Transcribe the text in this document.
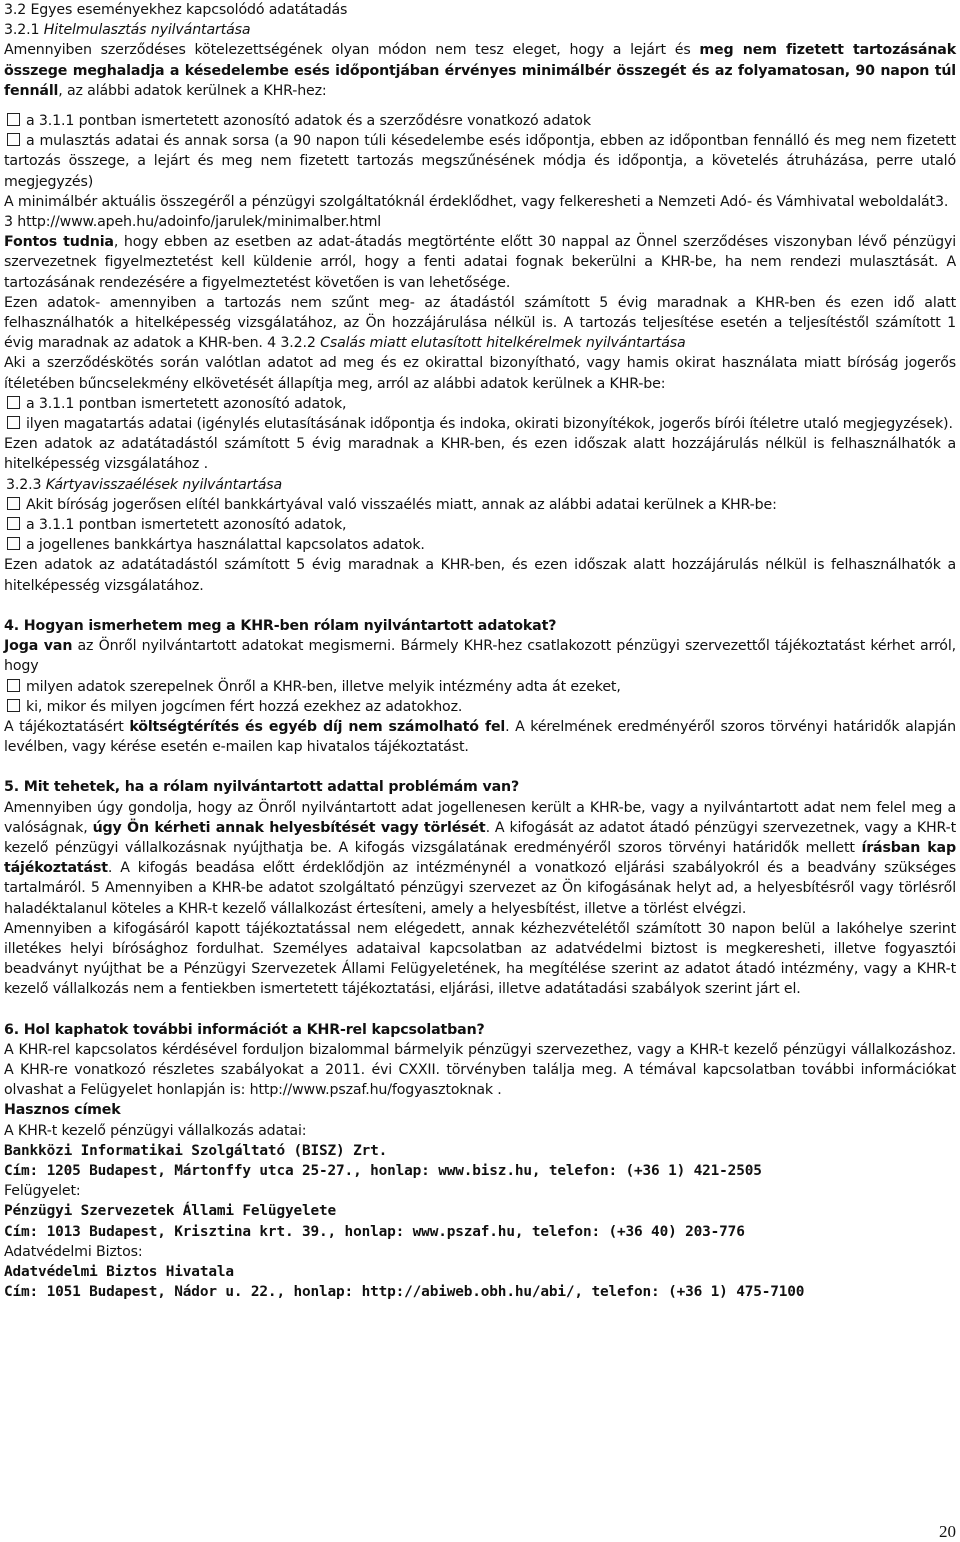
3.2 Egyes eseményekhez kapcsolódó adatátadás

3.2.1 Hitelmulasztás nyilvántartása

Amennyiben szerződéses kötelezettségének olyan módon nem tesz eleget, hogy a lejárt és meg nem fizetett tartozásának összege meghaladja a késedelembe esés időpontjában érvényes minimálbér összegét és az folyamatosan, 90 napon túl fennáll, az alábbi adatok kerülnek a KHR-hez:

a 3.1.1 pontban ismertetett azonosító adatok és a szerződésre vonatkozó adatok

a mulasztás adatai és annak sorsa (a 90 napon túli késedelembe esés időpontja, ebben az időpontban fennálló és meg nem fizetett tartozás összege, a lejárt és meg nem fizetett tartozás megszűnésének módja és időpontja, a követelés átruházása, perre utaló megjegyzés)

A minimálbér aktuális összegéről a pénzügyi szolgáltatóknál érdeklődhet, vagy felkeresheti a Nemzeti Adó- és Vámhivatal weboldalát3.

3 http://www.apeh.hu/adoinfo/jarulek/minimalber.html

Fontos tudnia, hogy ebben az esetben az adat-átadás megtörténte előtt 30 nappal az Önnel szerződéses viszonyban lévő pénzügyi szervezetnek figyelmeztetést kell küldenie arról, hogy a fenti adatai fognak bekerülni a KHR-be, ha nem rendezi mulasztását. A tartozásának rendezésére a figyelmeztetést követően is van lehetősége.

Ezen adatok- amennyiben a tartozás nem szűnt meg- az átadástól számított 5 évig maradnak a KHR-ben és ezen idő alatt felhasználhatók a hitelképesség vizsgálatához, az Ön hozzájárulása nélkül is. A tartozás teljesítése esetén a teljesítéstől számított 1 évig maradnak az adatok a KHR-ben. 4 3.2.2 Csalás miatt elutasított hitelkérelmek nyilvántartása

Aki a szerződéskötés során valótlan adatot ad meg és ez okirattal bizonyítható, vagy hamis okirat használata miatt bíróság jogerős ítéletében bűncselekmény elkövetését állapítja meg, arról az alábbi adatok kerülnek a KHR-be:

a 3.1.1 pontban ismertetett azonosító adatok,

ilyen magatartás adatai (igénylés elutasításának időpontja és indoka, okirati bizonyítékok, jogerős bírói ítéletre utaló megjegyzések).

Ezen adatok az adatátadástól számított 5 évig maradnak a KHR-ben, és ezen időszak alatt hozzájárulás nélkül is felhasználhatók a hitelképesség vizsgálatához .

3.2.3 Kártyavisszaélések nyilvántartása

Akit bíróság jogerősen elítél bankkártyával való visszaélés miatt, annak az alábbi adatai kerülnek a KHR-be:

a 3.1.1 pontban ismertetett azonosító adatok,

a jogellenes bankkártya használattal kapcsolatos adatok.

Ezen adatok az adatátadástól számított 5 évig maradnak a KHR-ben, és ezen időszak alatt hozzájárulás nélkül is felhasználhatók a hitelképesség vizsgálatához.

4. Hogyan ismerhetem meg a KHR-ben rólam nyilvántartott adatokat?

Joga van az Önről nyilvántartott adatokat megismerni. Bármely KHR-hez csatlakozott pénzügyi szervezettől tájékoztatást kérhet arról, hogy

milyen adatok szerepelnek Önről a KHR-ben, illetve melyik intézmény adta át ezeket,

ki, mikor és milyen jogcímen fért hozzá ezekhez az adatokhoz.

A tájékoztatásért költségtérítés és egyéb díj nem számolható fel. A kérelmének eredményéről szoros törvényi határidők alapján levélben, vagy kérése esetén e-mailen kap hivatalos tájékoztatást.

5. Mit tehetek, ha a rólam nyilvántartott adattal problémám van?

Amennyiben úgy gondolja, hogy az Önről nyilvántartott adat jogellenesen került a KHR-be, vagy a nyilvántartott adat nem felel meg a valóságnak, úgy Ön kérheti annak helyesbítését vagy törlését. A kifogását az adatot átadó pénzügyi szervezetnek, vagy a KHR-t kezelő pénzügyi vállalkozásnak nyújthatja be. A kifogás vizsgálatának eredményéről szoros törvényi határidők mellett írásban kap tájékoztatást. A kifogás beadása előtt érdeklődjön az intézménynél a vonatkozó eljárási szabályokról és a beadvány szükséges tartalmáról. 5 Amennyiben a KHR-be adatot szolgáltató pénzügyi szervezet az Ön kifogásának helyt ad, a helyesbítésről vagy törlésről haladéktalanul köteles a KHR-t kezelő vállalkozást értesíteni, amely a helyesbítést, illetve a törlést elvégzi.

Amennyiben a kifogásáról kapott tájékoztatással nem elégedett, annak kézhezvételétől számított 30 napon belül a lakóhelye szerint illetékes helyi bírósághoz fordulhat. Személyes adataival kapcsolatban az adatvédelmi biztost is megkeresheti, illetve fogyasztói beadványt nyújthat be a Pénzügyi Szervezetek Állami Felügyeletének, ha megítélése szerint az adatot átadó intézmény, vagy a KHR-t kezelő vállalkozás nem a fentiekben ismertetett tájékoztatási, eljárási, illetve adatátadási szabályok szerint járt el.

6. Hol kaphatok további információt a KHR-rel kapcsolatban?

A KHR-rel kapcsolatos kérdésével forduljon bizalommal bármelyik pénzügyi szervezethez, vagy a KHR-t kezelő pénzügyi vállalkozáshoz. A KHR-re vonatkozó részletes szabályokat a 2011. évi CXXII. törvényben találja meg. A témával kapcsolatban további információkat olvashat a Felügyelet honlapján is: http://www.pszaf.hu/fogyasztoknak .

Hasznos címek

A KHR-t kezelő pénzügyi vállalkozás adatai:

Bankközi Informatikai Szolgáltató (BISZ) Zrt.

Cím: 1205 Budapest, Mártonffy utca 25-27., honlap: www.bisz.hu, telefon: (+36 1) 421-2505

Felügyelet:

Pénzügyi Szervezetek Állami Felügyelete

Cím: 1013 Budapest, Krisztina krt. 39., honlap: www.pszaf.hu, telefon: (+36 40) 203-776

Adatvédelmi Biztos:

Adatvédelmi Biztos Hivatala

Cím: 1051 Budapest, Nádor u. 22., honlap: http://abiweb.obh.hu/abi/, telefon: (+36 1) 475-7100

20
